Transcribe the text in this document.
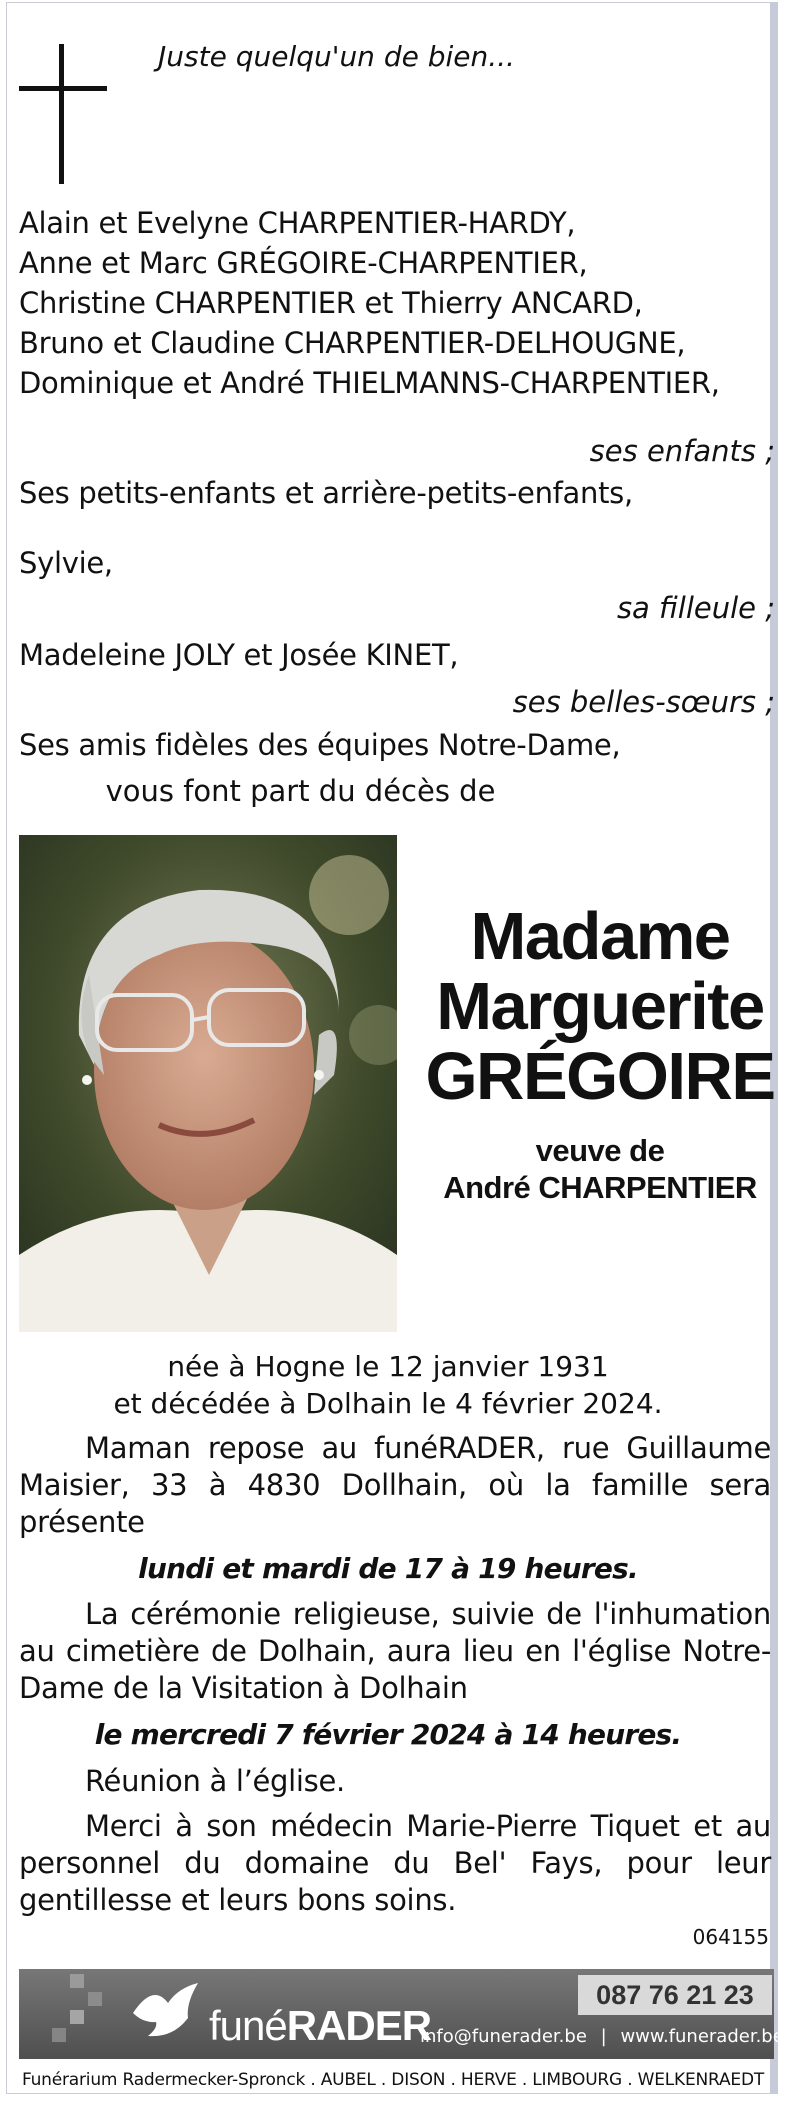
Juste quelqu'un de bien...
Alain et Evelyne CHARPENTIER-HARDY,
Anne et Marc GRÉGOIRE-CHARPENTIER,
Christine CHARPENTIER et Thierry ANCARD,
Bruno et Claudine CHARPENTIER-DELHOUGNE,
Dominique et André THIELMANNS-CHARPENTIER,
ses enfants ;
Ses petits-enfants et arrière-petits-enfants,
Sylvie,
sa filleule ;
Madeleine JOLY et Josée KINET,
ses belles-sœurs ;
Ses amis fidèles des équipes Notre-Dame,
vous font part du décès de
Madame
Marguerite
GRÉGOIRE
veuve de
André CHARPENTIER
née à Hogne le 12 janvier 1931
et décédée à Dolhain le 4 février 2024.
Maman repose au funéRADER, rue Guillaume Maisier, 33 à 4830 Dollhain, où la famille sera présente
lundi et mardi de 17 à 19 heures.
La cérémonie religieuse, suivie de l'inhumation au cimetière de Dolhain, aura lieu en l'église Notre-Dame de la Visitation à Dolhain
le mercredi 7 février 2024 à 14 heures.
Réunion à l’église.
Merci à son médecin Marie-Pierre Tiquet et au personnel du domaine du Bel' Fays, pour leur gentillesse et leurs bons soins.
064155
funéRADER
087 76 21 23
info@funerader.be | www.funerader.be
Funérarium Radermecker-Spronck . AUBEL . DISON . HERVE . LIMBOURG . WELKENRAEDT
